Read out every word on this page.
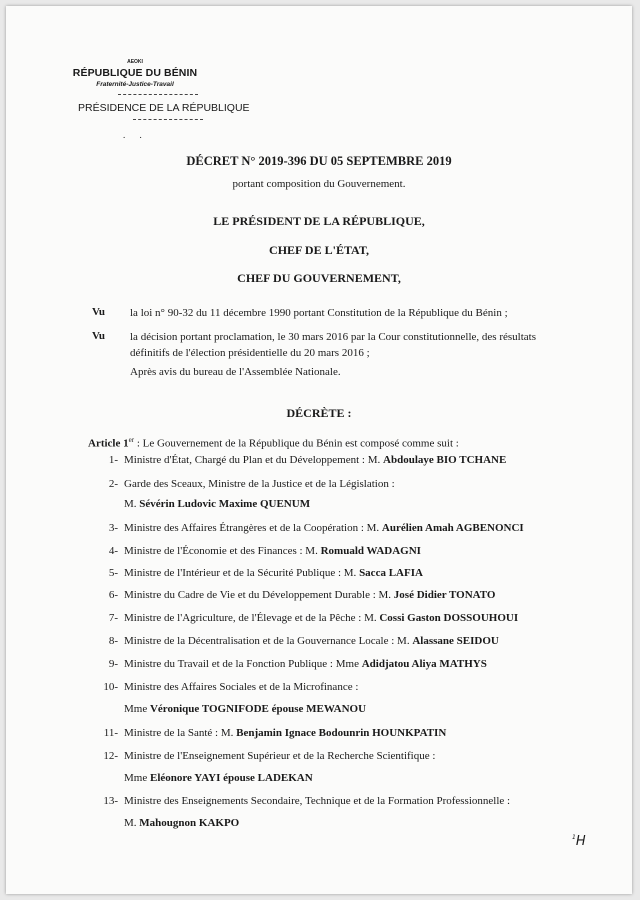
AEOKI
RÉPUBLIQUE DU BÉNIN
Fraternité-Justice-Travail
PRÉSIDENCE DE LA RÉPUBLIQUE
. .
DÉCRET N° 2019-396 DU 05 SEPTEMBRE 2019
portant composition du Gouvernement.
LE PRÉSIDENT DE LA RÉPUBLIQUE,
CHEF DE L'ÉTAT,
CHEF DU GOUVERNEMENT,
Vu la loi n° 90-32 du 11 décembre 1990 portant Constitution de la République du Bénin ;
Vu la décision portant proclamation, le 30 mars 2016 par la Cour constitutionnelle, des résultats
définitifs de l'élection présidentielle du 20 mars 2016 ;
Après avis du bureau de l'Assemblée Nationale.
DÉCRÈTE :
Article 1er : Le Gouvernement de la République du Bénin est composé comme suit :
1- Ministre d'État, Chargé du Plan et du Développement : M. Abdoulaye BIO TCHANE
2- Garde des Sceaux, Ministre de la Justice et de la Législation :
M. Sévérin Ludovic Maxime QUENUM
3- Ministre des Affaires Étrangères et de la Coopération : M. Aurélien Amah AGBENONCI
4- Ministre de l'Économie et des Finances : M. Romuald WADAGNI
5- Ministre de l'Intérieur et de la Sécurité Publique : M. Sacca LAFIA
6- Ministre du Cadre de Vie et du Développement Durable : M. José Didier TONATO
7- Ministre de l'Agriculture, de l'Élevage et de la Pêche : M. Cossi Gaston DOSSOUHOUI
8- Ministre de la Décentralisation et de la Gouvernance Locale : M. Alassane SEIDOU
9- Ministre du Travail et de la Fonction Publique : Mme Adidjatou Aliya MATHYS
10- Ministre des Affaires Sociales et de la Microfinance :
Mme Véronique TOGNIFODE épouse MEWANOU
11- Ministre de la Santé : M. Benjamin Ignace Bodounrin HOUNKPATIN
12- Ministre de l'Enseignement Supérieur et de la Recherche Scientifique :
Mme Eléonore YAYI épouse LADEKAN
13- Ministre des Enseignements Secondaire, Technique et de la Formation Professionnelle :
M. Mahougnon KAKPO
$^1$H
